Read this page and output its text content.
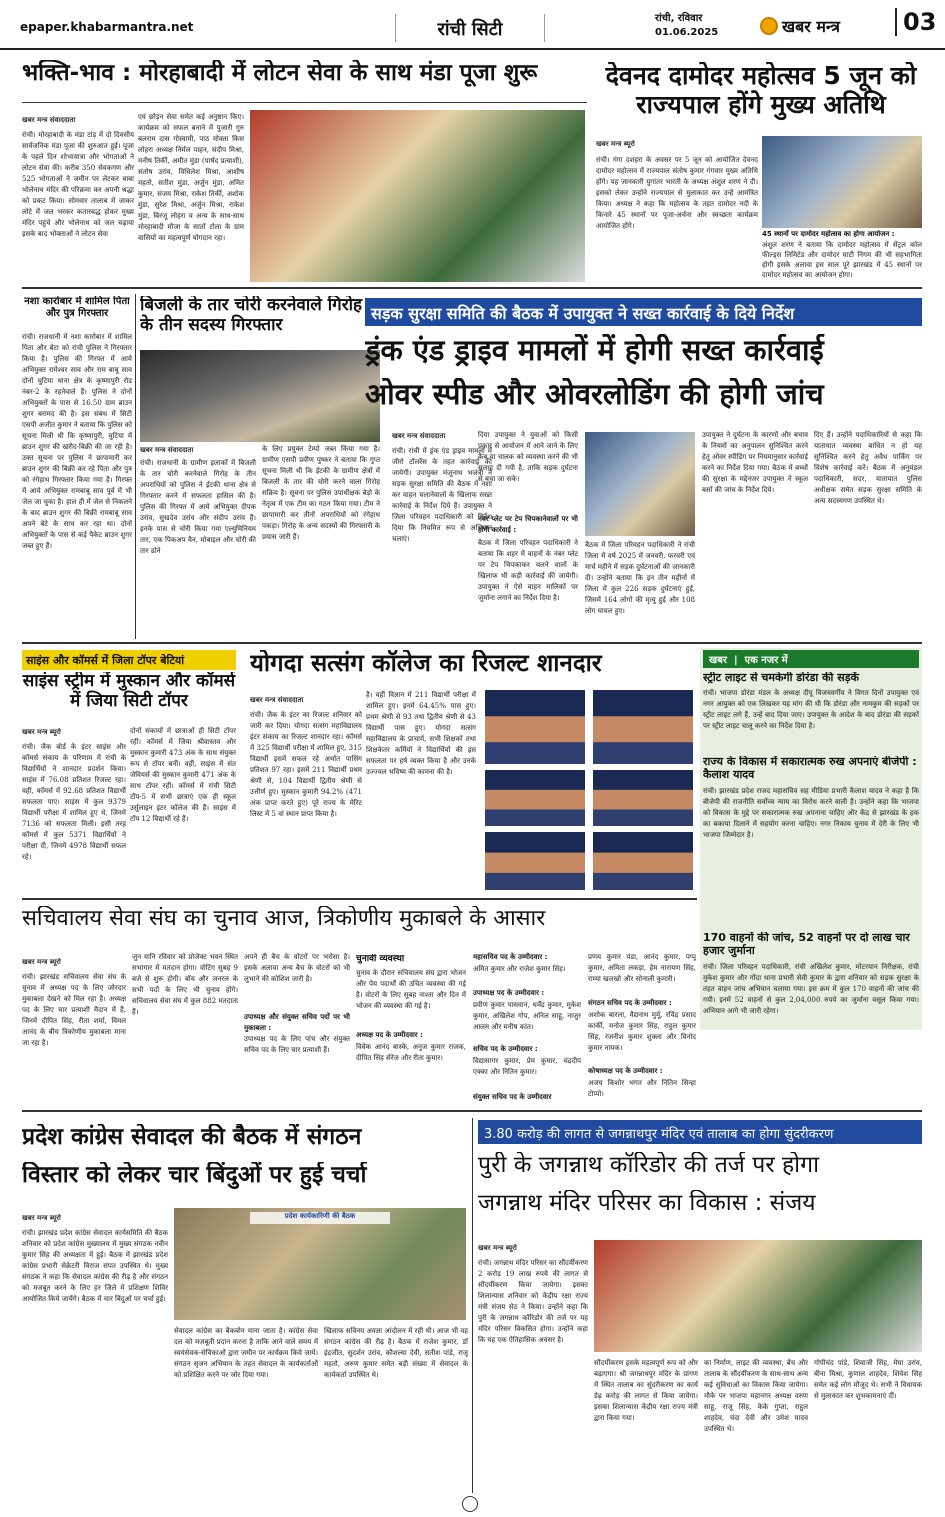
epaper.khabarmantra.net	रांची सिटी
रांची, रविवार
01.06.2025	खबर मन्त्र	03
भक्ति-भाव : मोरहाबादी में लोटन सेवा के साथ मंडा पूजा शुरू
खबर मन्त्र संवाददाता
रांची। मोरहाबादी के मंडा टांड़ में दो दिवसीय सार्वजनिक मंडा पूजा की शुरुआत हुई। पूजा के पहले दिन शोभायात्रा और भोगताओं ने लोटन सेवा की। करीब 350 सेवकगण और 525 भोगताओं ने जमीन पर लेटकर बाबा भोलेनाथ मंदिर की परिक्रमा कर अपनी श्रद्धा को प्रकट किया। सोमवार तालाब में जाकर लोटे में जल भरकर कतारबद्ध होकर मुख्य मंदिर पहुंचे और भोलेनाथ को जल चढ़ाया इसके बाद भोक्ताओं ने लोटन सेवा
एवं छोड़न सेवा समेत कई अनुष्ठान किए। कार्यक्रम को सफल बनाने में पुजारी गुरु बलराम दास गोस्वामी, पाठ मोक्ता किस लोहरा अध्यक्ष निर्मल पाहन, संदीप मिश्रा, मनीष तिर्की, अमीत मुंडा (पार्षद प्रत्याशी), संतोष उरांव, विधिलेश मिश्रा, आशीष महतो, सतीश मुंडा, अर्जुन मुंडा, अमित कुमार, संजय मिश्रा, राकेश तिर्की, अशोक मुंडा, सुरेश मिश्रा, अर्जुन मिश्रा, राकेश मुंडा, बिरजू लोहरा व अन्य के साथ-साथ मोरहाबादी मौजा के सातों टोला के ग्राम वासियों का महत्वपूर्ण योगदान रहा।
देवनद दामोदर महोत्सव 5 जून को राज्यपाल होंगे मुख्य अतिथि
खबर मन्त्र ब्यूरो
रांची। गंगा दशहरा के अवसर पर 5 जून को आयोजित देवनद दामोदर महोत्सव में राज्यपाल संतोष कुमार गंगवार मुख्य अतिथि होंगे। यह जानकारी युगांतर भारती के अध्यक्ष अंशुल शरण ने दी। इसको लेकर उन्होंने राज्यपाल से मुलाकात कर उन्हें आमंत्रित किया। अध्यक्ष ने कहा कि महोत्सव के तहत दामोदर नदी के किनारे 45 स्थानों पर पूजा-अर्चना और स्वच्छता कार्यक्रम आयोजित होंगे।
45 स्थानों पर दामोदर महोत्सव का होगा आयोजन :
अंशुल शरण ने बताया कि दामोदर महोत्सव में सेंट्रल कोल फील्ड्स लिमिटेड और दामोदर घाटी निगम की भी सहभागिता होगी इसके अलावा इस साल पूरे झारखंड में 45 स्थानों पर दामोदर महोत्सव का आयोजन होगा।
नशा कारोबार में शामिल पिता और पुत्र गिरफ्तार
रांची। राजधानी में नशा कारोबार में शामिल पिता और बेटा को रांची पुलिस ने गिरफ्तार किया है। पुलिस की गिरफ्त में आये अभियुक्त रामेश्वर साव और राम बाबू साव दोनों चुटिया थाना क्षेत्र के कृष्णापुरी रोड नंबर-2 के रहनेवाले हैं। पुलिस ने दोनों अभियुक्तों के पास से 16.50 ग्राम ब्राउन शुगर बरामद की है। इस संबंध में सिटी एसपी अजीत कुमार ने बताया कि पुलिस को सूचना मिली थी कि कृष्णापुरी, चुटिया में ब्राउन शुगर की खरीद-बिक्री की जा रही है। उक्त सूचना पर पुलिस ने छापामारी कर ब्राउन शुगर की बिक्री कर रहे पिता और पुत्र को रंगेहाथ गिरफ्तार किया गया है। गिरफ्त में आये अभियुक्त रामबाबू साव पूर्व में भी जेल जा चुका है। हाल ही में जेल से निकलने के बाद ब्राउन शुगर की बिक्री रामबाबू साव अपने बेटे के साथ कर रहा था। दोनों अभियुक्तों के पास से कई पैकेट ब्राउन शुगर जब्त हुए हैं।
बिजली के तार चोरी करनेवाले गिरोह के तीन सदस्य गिरफ्तार
खबर मन्त्र संवाददाता
रांची। राजधानी के ग्रामीण इलाकों में बिजली के तार चोरी करनेवाले गिरोह के तीन अपराधियों को पुलिस ने ईटकी थाना क्षेत्र से गिरफ्तार करने में सफलता हासिल की है। पुलिस की गिरफ्त में आये अभियुक्त दीपक उरांव, सुखदेव उरांव और संदीप उरांव हैं। इनके पास से चोरी किया गया एल्युमिनियम तार, एक पिकअप वैन, मोबाइल और चोरी की तार ढोने
के लिए प्रयुक्त टेम्पो जब्त किया गया है। ग्रामीण एसपी प्रवीण पुष्कर ने बताया कि गुप्त सूचना मिली थी कि ईटकी के ग्रामीण क्षेत्रों में बिजली के तार की चोरी करने वाला गिरोह सक्रिय है। सूचना पर पुलिस उपाधीक्षक बेड़ो के नेतृत्व में एक टीम का गठन किया गया। टीम ने छापामारी कर तीनों अपराधियों को रंगेहाथ पकड़ा। गिरोह के अन्य सदस्यों की गिरफ्तारी के प्रयास जारी हैं।
सड़क सुरक्षा समिति की बैठक में उपायुक्त ने सख्त कार्रवाई के दिये निर्देश
ड्रंक एंड ड्राइव मामलों में होगी सख्त कार्रवाई
ओवर स्पीड और ओवरलोडिंग की होगी जांच
खबर मन्त्र संवाददाता
रांची। रांची में ड्रंक एंड ड्राइव मामलों में जीरो टॉलरेंस के तहत कार्रवाई की जायेगी। उपायुक्त मंजूनाथ भजंत्री ने सड़क सुरक्षा समिति की बैठक में नशा कर वाहन चलानेवालों के खिलाफ सख्त कार्रवाई के निर्देश दिये हैं। उपायुक्त ने जिला परिवहन पदाधिकारी को निर्देश दिया कि नियमित रूप से अभियान चलाएं।
दिया उपायुक्त ने युवाओं को किसी प्रकार से आयोजन में आने जाने के लिए कैब या चालक को व्यवस्था करने की भी सलाह दी गयी है, ताकि सड़क दुर्घटना से बचा जा सके।
नंबर प्लेट पर टेप चिपकानेवालों पर भी होगी कार्रवाई :
बैठक में जिला परिवहन पदाधिकारी ने बताया कि शहर में वाहनों के नंबर प्लेट पर टेप चिपकाकर चलने वालों के खिलाफ भी कड़ी कार्रवाई की जायेगी। उपायुक्त ने ऐसे वाहन मालिकों पर जुर्माना लगाने का निर्देश दिया है।
बैठक में जिला परिवहन पदाधिकारी ने रांची जिला में वर्ष 2025 में जनवरी, फरवरी एवं मार्च महीने में सड़क दुर्घटनाओं की जानकारी दी। उन्होंने बताया कि इन तीन महीनों में जिला में कुल 226 सड़क दुर्घटनाएं हुईं, जिसमें 164 लोगों की मृत्यु हुई और 108 लोग घायल हुए।
उपायुक्त ने दुर्घटना के कारणों और बचाव के नियमों का अनुपालन सुनिश्चित करने हेतु ओवर स्पीडिंग पर नियमानुसार कार्रवाई करने का निर्देश दिया गया। बैठक में बच्चों की सुरक्षा के मद्देनजर उपायुक्त ने स्कूल बसों की जांच के निर्देश दिये।
दिए हैं। उन्होंने पदाधिकारियों से कहा कि यातायात व्यवस्था बाधित न हो यह सुनिश्चित करने हेतु अवैध पार्किंग पर विशेष कार्रवाई करें। बैठक में अनुमंडल पदाधिकारी, सदर, यातायात पुलिस अधीक्षक समेत सड़क सुरक्षा समिति के अन्य सदस्यगण उपस्थित थे।
साइंस और कॉमर्स में जिला टॉपर बेटियां
साइंस स्ट्रीम में मुस्कान और कॉमर्स में जिया सिटी टॉपर
खबर मन्त्र ब्यूरो
रांची। जैक बोर्ड के इंटर साइंस और कॉमर्स संकाय के परिणाम में रांची के विद्यार्थियों ने शानदार प्रदर्शन किया। साइंस में 76.08 प्रतिशत रिजल्ट रहा। वहीं, कॉमर्स में 92.68 प्रतिशत विद्यार्थी सफलता पाए। साइंस में कुल 9379 विद्यार्थी परीक्षा में शामिल हुए थे, जिनमें 7136 को सफलता मिली। इसी तरह कॉमर्स में कुल 5371 विद्यार्थियों ने परीक्षा दी, जिनमें 4978 विद्यार्थी सफल रहे।
दोनों संकायों में छात्राओं ही सिटी टॉपर रहीं। कॉमर्स में जिया श्रीवास्तव और मुस्कान कुमारी 473 अंक के साथ संयुक्त रूप से टॉपर बनीं। वहीं, साइंस में संत जेवियर्स की मुस्कान कुमारी 471 अंक के साथ टॉपर रहीं। कॉमर्स में रांची सिटी टॉप-5 में सभी छात्राएं एक ही स्कूल उर्सुलाइन इंटर कॉलेज की हैं। साइंस में टॉप 12 विद्यार्थी रहे हैं।
योगदा सत्संग कॉलेज का रिजल्ट शानदार
खबर मन्त्र संवाददाता
रांची। जैक के इंटर का रिजल्ट शनिवार को जारी कर दिया। योगदा सत्संग महाविद्यालय इंटर संकाय का रिजल्ट शानदार रहा। कॉमर्स में 325 विद्यार्थी परीक्षा में शामिल हुए, 315 विद्यार्थी इसमें सफल रहे अर्थात पासिंग प्रतिशत 97 रहा। इसमें 211 विद्यार्थी प्रथम श्रेणी से, 104 विद्यार्थी द्वितीय श्रेणी से उत्तीर्ण हुए। मुस्कान कुमारी 94.2% (471 अंक प्राप्त करते हुए) पूरे राज्य के मेरिट लिस्ट में 5 वां स्थान प्राप्त किया है।
है। वहीं विज्ञान में 211 विद्यार्थी परीक्षा में शामिल हुए। इनमें 64.45% पास हुए। प्रथम श्रेणी से 93 तथा द्वितीय श्रेणी से 43 विद्यार्थी पास हुए। योगदा सत्संग महाविद्यालय के प्राचार्य, सभी शिक्षकों तथा शिक्षकेतर कर्मियों ने विद्यार्थियों की इस सफलता पर हर्ष व्यक्त किया है और उनके उज्ज्वल भविष्य की कामना की है।
खबर  |  एक नजर में
स्ट्रीट लाइट से चमकेगी डोरंडा की सड़कें
रांची। भाजपा डोरंडा मंडल के अध्यक्ष दीपू विजयवर्गीय ने विगत दिनों उपायुक्त एवं नगर आयुक्त को एक लिखकर यह मांग की थी कि डोरंडा और नामकुम की सड़कों पर स्ट्रीट लाइट लगे हैं, उन्हें बाद दिया जाए। उपायुक्त के आदेश के बाद डोरंडा की सड़कों पर स्ट्रीट लाइट चालू करने का निर्देश दिया है।
राज्य के विकास में सकारात्मक रुख अपनाएं बीजेपी : कैलाश यादव
रांची। झारखंड प्रदेश राजद महासचिव सह मीडिया प्रभारी कैलाश यादव ने कहा है कि बीजेपी की राजनीति सर्वोच्च न्याय का विरोध करने वाली है। उन्होंने कहा कि भाजपा को विकास के मुद्दे पर सकारात्मक रुख अपनाना चाहिए और केंद्र से झारखंड के हक का बकाया दिलाने में सहयोग करना चाहिए। नगर निकाय चुनाव में देरी के लिए भी भाजपा जिम्मेदार है।
170 वाहनों की जांच, 52 वाहनों पर दो लाख चार हजार जुर्माना
रांची। जिला परिवहन पदाधिकारी, रांची अखिलेश कुमार, मोटरयान निरीक्षक, रांची मुकेश कुमार और गोंदा थाना प्रभारी सेवी कुमार के द्वारा शनिवार को सड़क सुरक्षा के तहत वाहन जांच अभियान चलाया गया। इस क्रम में कुल 170 वाहनों की जांच की गयी। इनमें 52 वाहनों से कुल 2,04,000 रुपये का जुर्माना वसूल किया गया। अभियान आगे भी जारी रहेगा।
सचिवालय सेवा संघ का चुनाव आज, त्रिकोणीय मुकाबले के आसार
खबर मन्त्र ब्यूरो
रांची। झारखंड सचिवालय सेवा संघ के चुनाव में अध्यक्ष पद के लिए जोरदार मुकाबला देखने को मिल रहा है। अध्यक्ष पद के लिए चार प्रत्याशी मैदान में हैं, जिनमें दीपित सिंह, रीता शर्मा, विमल आनंद के बीच त्रिकोणीय मुकाबला माना जा रहा है।
जुन यानि रविवार को प्रोजेक्ट भवन स्थित सभागार में मतदान होगा। वोटिंग सुबह 9 बजे से शुरू होगी। बॉय और जनरल के सभी पदों के लिए भी चुनाव होंगे। सचिवालय सेवा संघ में कुल 882 मतदाता हैं।
अपने ही बैच के वोटरों पर भरोसा है। इसके अलावा अन्य बैच के वोटरों को भी लुभाने की कोशिश जारी है।
उपाध्यक्ष और संयुक्त सचिव पदों पर भी मुकाबला :
उपाध्यक्ष पद के लिए पांच और संयुक्त सचिव पद के लिए चार प्रत्याशी हैं।
चुनावी व्यवस्था
चुनाव के दौरान सचिवालय संघ द्वारा भोजन और पेय पदार्थों की उचित व्यवस्था की गई है। वोटरों के लिए सुबह नाश्ता और दिन में भोजन की व्यवस्था की गई है।
अध्यक्ष पद के उम्मीदवार :
विवेक आनंद बास्के, अनुज कुमार राजक, दीपित सिंह सेरेंज और रीता कुमार।
महासचिव पद के उम्मीदवार :
अमित कुमार और राजेश कुमार सिंह।
उपाध्यक्ष पद के उम्मीदवार :
प्रवीण कुमार पासवान, धर्मेंद्र कुमार, मुकेश कुमार, अखिलेश गोप, अनिल साहू, नाजुर आलम और मनीष कांत।
सचिव पद के उम्मीदवार :
विद्यासागर कुमार, प्रेम कुमार, चंद्रदीप एक्का और नितिन कुमार।
संयुक्त सचिव पद के उम्मीदवार
प्रणय कुमार पंडा, आनंद कुमार, पप्पू कुमार, अमिता लकड़ा, हेम नारायण सिंह, राम्या खलखो और सोनाली कुमारी।
संगठन सचिव पद के उम्मीदवार :
अशोक बारला, वैद्यनाथ मुर्मू, रविंद्र प्रसाद कार्की, मनोज कुमार सिंह, राहुल कुमार सिंह, रंजनीश कुमार शुक्ला और विनोद कुमार नायक।
कोषाध्यक्ष पद के उम्मीदवार :
अजय किशोर भगत और नितिन सिन्हा टोप्पो।
प्रदेश कांग्रेस सेवादल की बैठक में संगठन
विस्तार को लेकर चार बिंदुओं पर हुई चर्चा
खबर मन्त्र ब्यूरो
रांची। झारखंड प्रदेश कांग्रेस सेवादल कार्यसमिति की बैठक शनिवार को प्रदेश कांग्रेस मुख्यालय में मुख्य संगठक नवीन कुमार सिंह की अध्यक्षता में हुई। बैठक में झारखंड प्रदेश कांग्रेस प्रभारी सेक्रेटरी विराज संपत उपस्थित थे। मुख्य संगठक ने कहा कि सेवादल कांग्रेस की रीढ़ है और संगठन को मजबूत करने के लिए हर जिले में प्रशिक्षण शिविर आयोजित किये जायेंगे। बैठक में चार बिंदुओं पर चर्चा हुई।
प्रदेश कार्यकारिणी की बैठक
सेवादल कांग्रेस का बैकबोन माना जाता है। कांग्रेस सेवा दल को मजबूती प्रदान करना है ताकि आने वाले समय में स्वयंसेवक-सेविकाओं द्वारा जमीन पर कार्यक्रम किये जायें। संगठन सृजन अभियान के तहत सेवादल के कार्यकर्ताओं को प्रशिक्षित करने पर जोर दिया गया।
खिलाफ सविनय अवज्ञा आंदोलन में रही थी। आज भी वह संगठन कांग्रेस की रीढ़ है। बैठक में राजेश कुमार, डॉ इंद्रजीत, सुदर्शन उरांव, कौशल्या देवी, सतीश पांडे, राजू महतो, अरुण कुमार समेत बड़ी संख्या में सेवादल के कार्यकर्ता उपस्थित थे।
3.80 करोड़ की लागत से जगन्नाथपुर मंदिर एवं तालाब का होगा सुंदरीकरण
पुरी के जगन्नाथ कॉरिडोर की तर्ज पर होगा
जगन्नाथ मंदिर परिसर का विकास : संजय
खबर मन्त्र ब्यूरो
रांची। जगन्नाथ मंदिर परिसर का सौंदर्यीकरण 2 करोड़ 19 लाख रुपये की लागत से सौंदर्यीकरण किया जायेगा। इसका शिलान्यास शनिवार को केंद्रीय रक्षा राज्य मंत्री संजय सेठ ने किया। उन्होंने कहा कि पुरी के जगन्नाथ कॉरिडोर की तर्ज पर यह मंदिर परिसर विकसित होगा। उन्होंने कहा कि यह एक ऐतिहासिक अवसर है।
सौंदर्यीकरण इसके महत्वपूर्ण रूप को और बढ़ाएगा। श्री जगन्नाथपुर मंदिर के प्रांगण में स्थित तालाब का सुंदरीकरण का कार्य डेढ़ करोड़ की लागत से किया जायेगा। इसका शिलान्यास केंद्रीय रक्षा राज्य मंत्री द्वारा किया गया।
का निर्माण, लाइट की व्यवस्था, बेंच और तालाब के सौंदर्यीकरण के साथ-साथ अन्य कई सुविधाओं का विकास किया जायेगा। मौके पर भाजपा महानगर अध्यक्ष वरुण साहू, राजू सिंह, केके गुप्ता, राहुल शाहदेव, चंदा देवी और उमेश यादव उपस्थित थे।
गोपीचंद पांडे, शिवाजी सिंह, मेघा उरांव, बीना मिश्रा, कुणाल शाहदेव, शिवेश सिंह समेत कई लोग मौजूद थे। सभी ने विधायक से मुलाकात कर शुभकामनाएं दीं।
